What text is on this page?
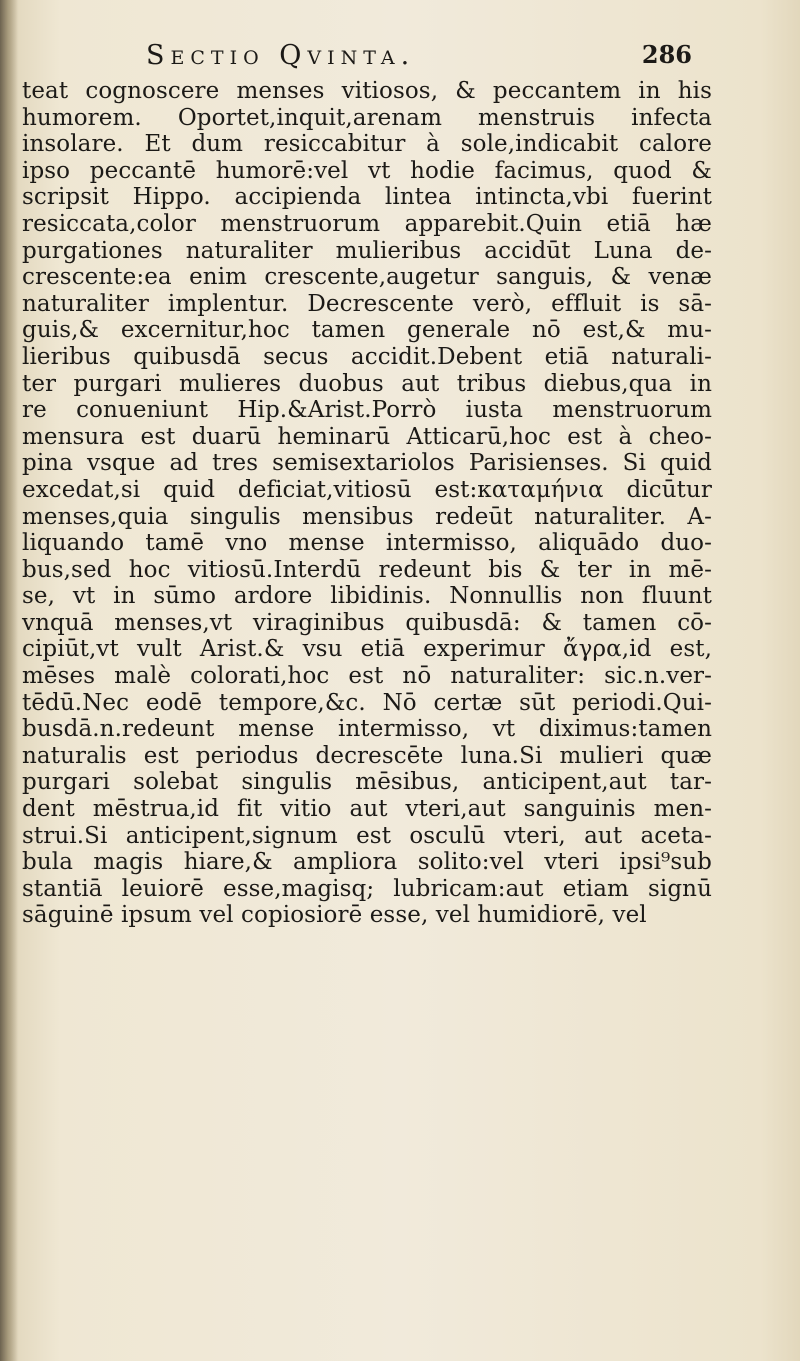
Sectio Qvinta.	286
teat cognoscere menses vitiosos, & peccantem in his
humorem. Oportet,inquit,arenam menstruis infecta
insolare. Et dum resiccabitur à sole,indicabit calore
ipso peccantē humorē:vel vt hodie facimus, quod &
scripsit Hippo. accipienda lintea intincta,vbi fuerint
resiccata,color menstruorum apparebit.Quin etiā hæ
purgationes naturaliter mulieribus accidūt Luna de-
crescente:ea enim crescente,augetur sanguis, & venæ
naturaliter implentur. Decrescente verò, effluit is sā-
guis,& excernitur,hoc tamen generale nō est,& mu-
lieribus quibusdā secus accidit.Debent etiā naturali-
ter purgari mulieres duobus aut tribus diebus,qua in
re conueniunt Hip.&Arist.Porrò iusta menstruorum
mensura est duarū heminarū Atticarū,hoc est à cheo-
pina vsque ad tres semisextariolos Parisienses. Si quid
excedat,si quid deficiat,vitiosū est:καταμήνια dicūtur
menses,quia singulis mensibus redeūt naturaliter. A-
liquando tamē vno mense intermisso, aliquādo duo-
bus,sed hoc vitiosū.Interdū redeunt bis & ter in mē-
se, vt in sūmo ardore libidinis. Nonnullis non fluunt
vnquā menses,vt viraginibus quibusdā: & tamen cō-
cipiūt,vt vult Arist.& vsu etiā experimur ἄγρα,id est,
mēses malè colorati,hoc est nō naturaliter: sic.n.ver-
tēdū.Nec eodē tempore,&c. Nō certæ sūt periodi.Qui-
busdā.n.redeunt mense intermisso, vt diximus:tamen
naturalis est periodus decrescēte luna.Si mulieri quæ
purgari solebat singulis mēsibus, anticipent,aut tar-
dent mēstrua,id fit vitio aut vteri,aut sanguinis men-
strui.Si anticipent,signum est osculū vteri, aut aceta-
bula magis hiare,& ampliora solito:vel vteri ipsi⁹sub
stantiā leuiorē esse,magisq; lubricam:aut etiam signū
sāguinē ipsum vel copiosiorē esse, vel humidiorē, vel
